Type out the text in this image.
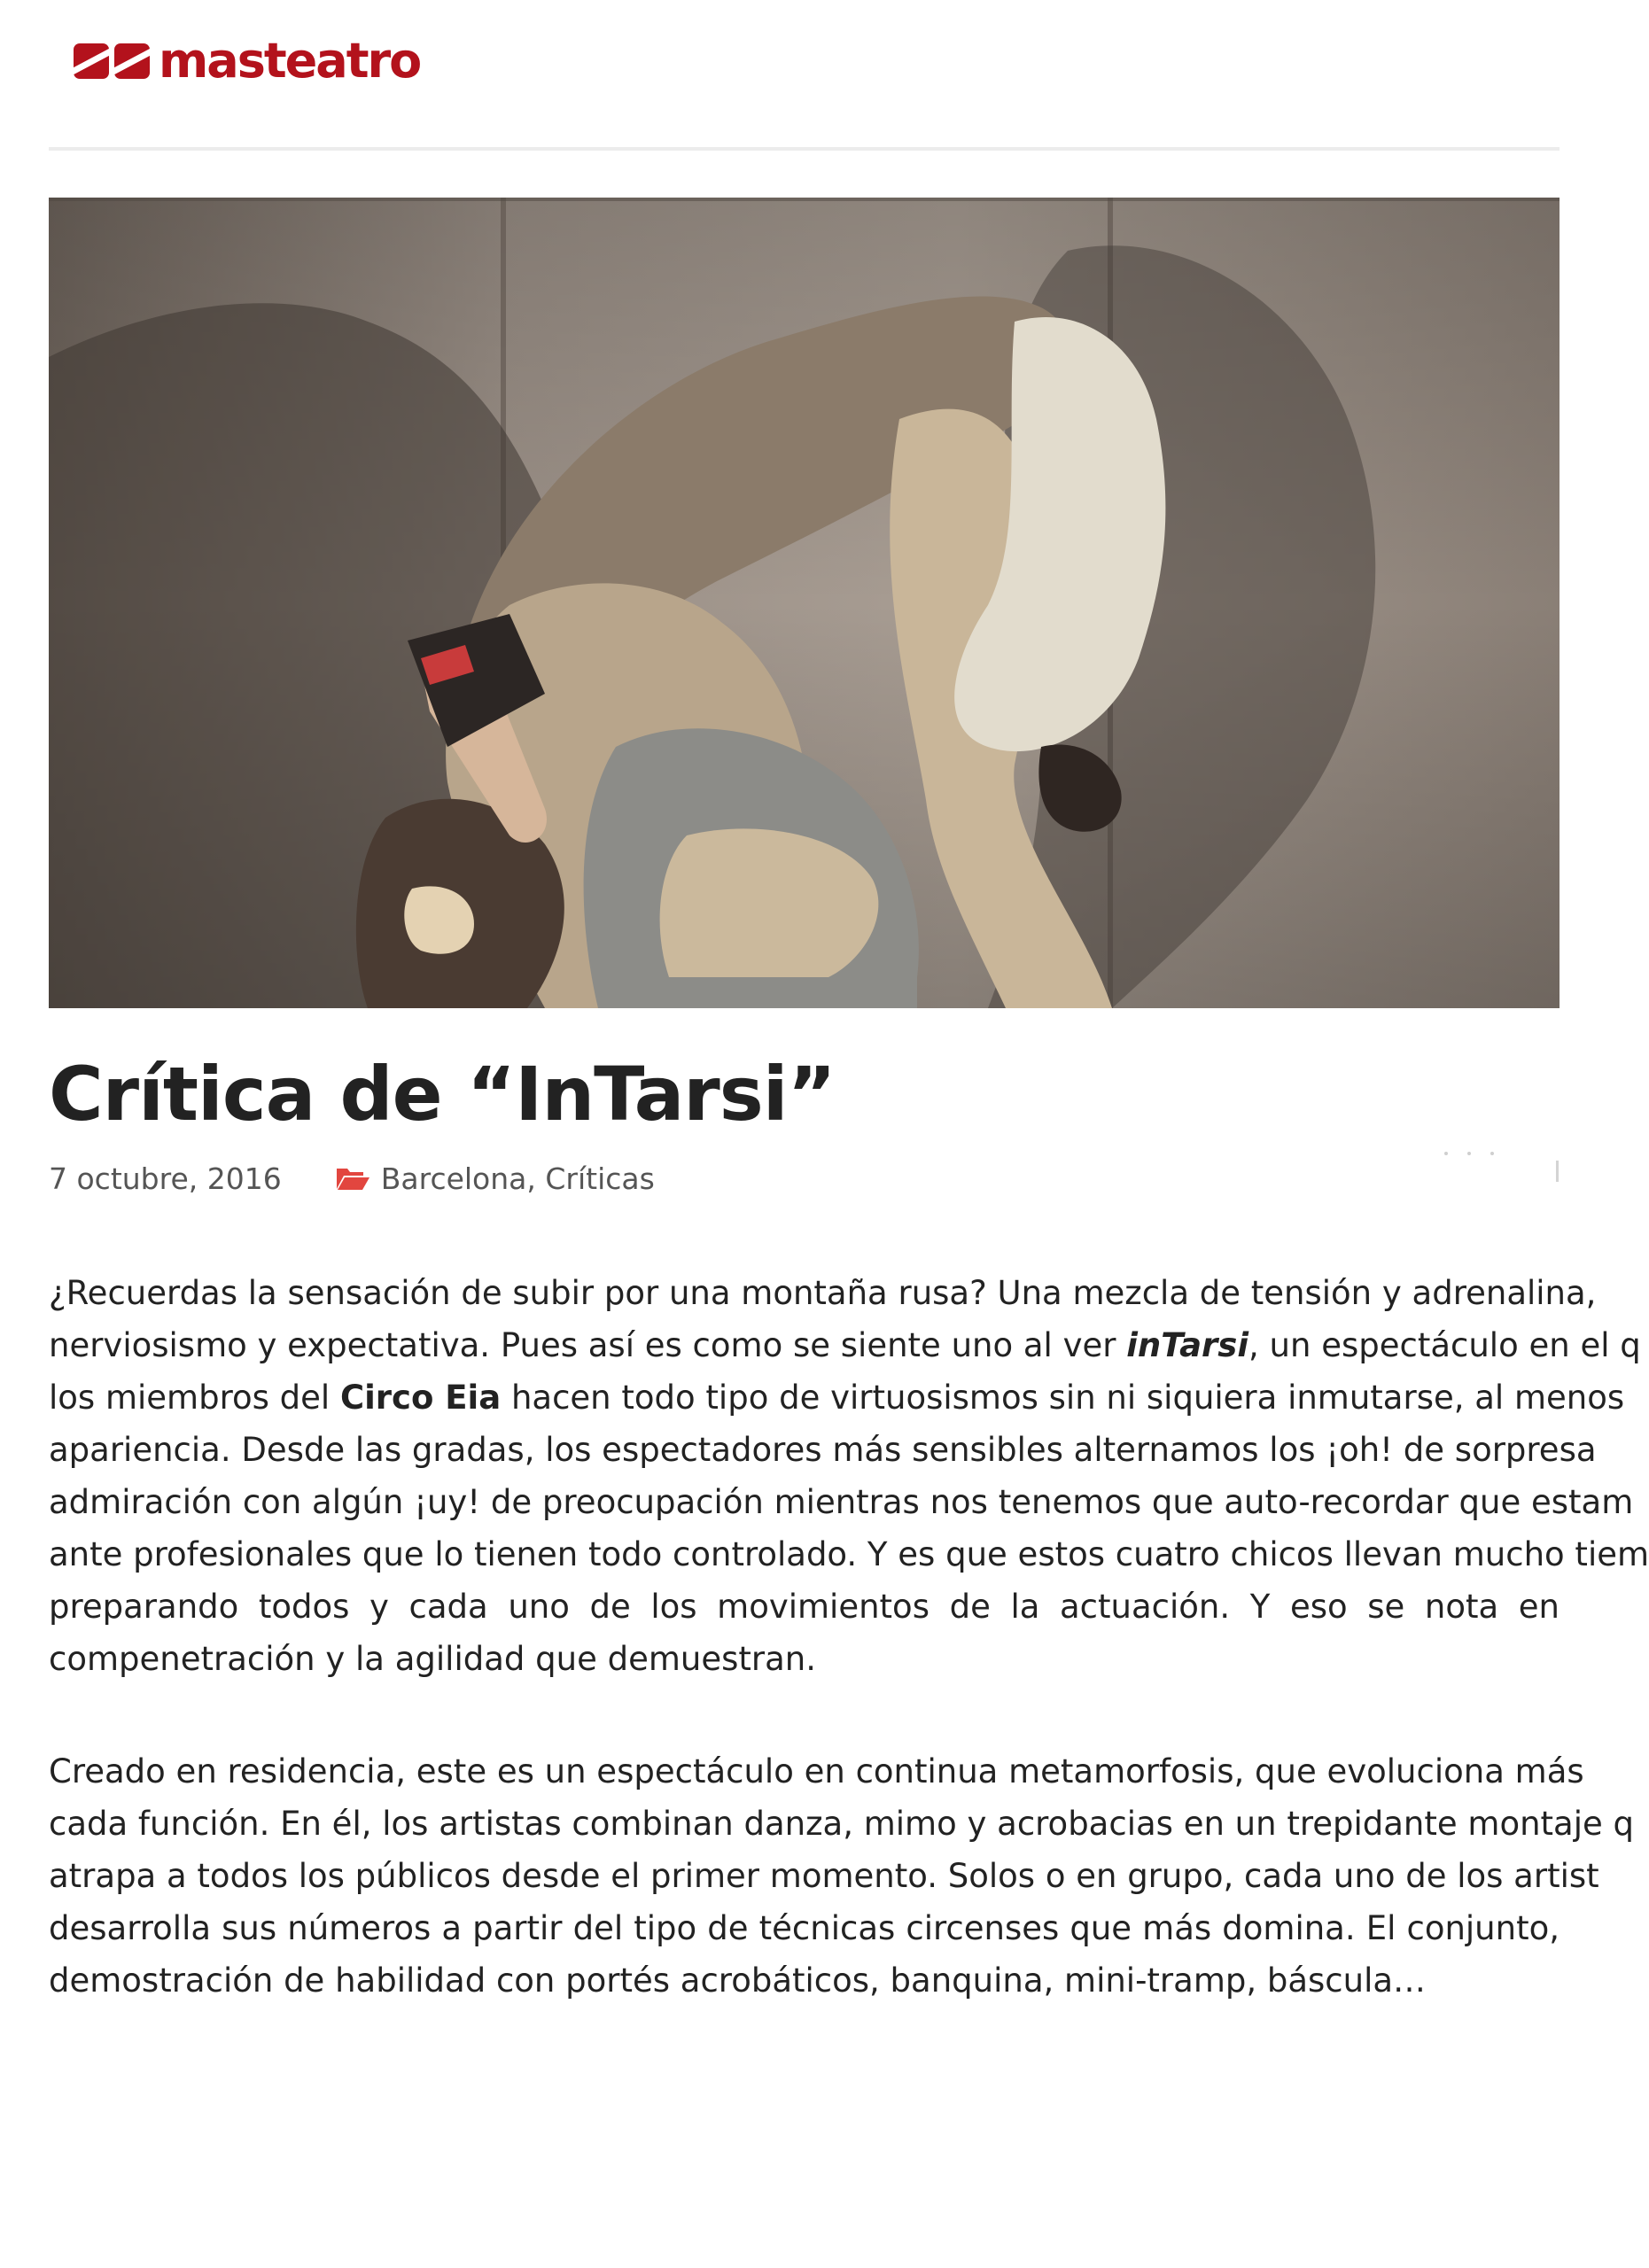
masteatro
Crítica de “InTarsi”
7 octubre, 2016	Barcelona , Críticas

¿Recuerdas la sensación de subir por una montaña rusa? Una mezcla de tensión y adrenalina,
nerviosismo y expectativa. Pues así es como se siente uno al ver inTarsi, un espectáculo en el q
los miembros del Circo Eia hacen todo tipo de virtuosismos sin ni siquiera inmutarse, al menos
apariencia. Desde las gradas, los espectadores más sensibles alternamos los ¡oh! de sorpresa
admiración con algún ¡uy! de preocupación mientras nos tenemos que auto-recordar que estam
ante profesionales que lo tienen todo controlado. Y es que estos cuatro chicos llevan mucho tiem
preparando todos y cada uno de los movimientos de la actuación. Y eso se nota en
compenetración y la agilidad que demuestran.

Creado en residencia, este es un espectáculo en continua metamorfosis, que evoluciona más
cada función. En él, los artistas combinan danza, mimo y acrobacias en un trepidante montaje q
atrapa a todos los públicos desde el primer momento. Solos o en grupo, cada uno de los artist
desarrolla sus números a partir del tipo de técnicas circenses que más domina. El conjunto,
demostración de habilidad con portés acrobáticos, banquina, mini-tramp, báscula…
